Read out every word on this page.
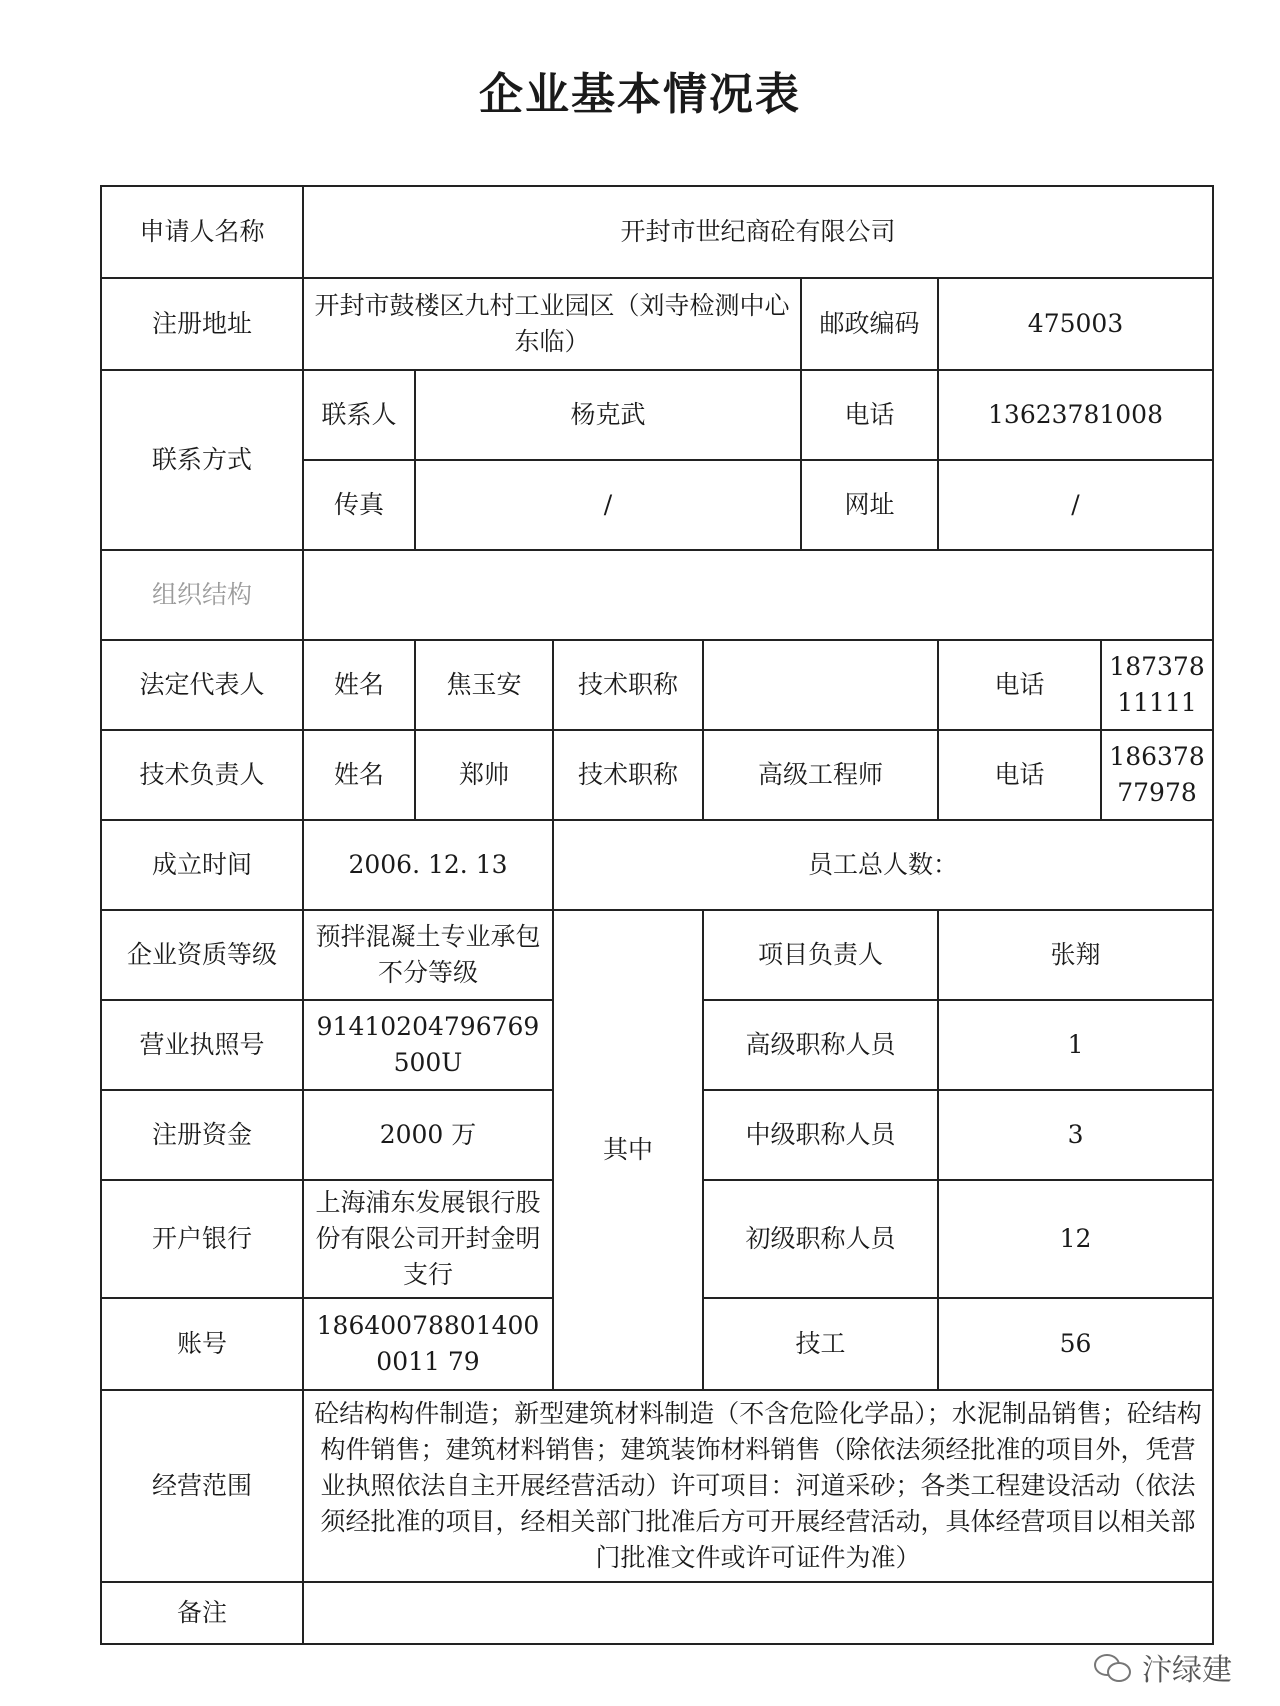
企业基本情况表
申请人名称	开封市世纪商砼有限公司						
注册地址	开封市鼓楼区九村工业园区（刘寺检测中心东临）				邮政编码	475003	
联系方式	联系人	杨克武			电话	13623781008	
	传真	/			网址	/	
组织结构							
法定代表人	姓名	焦玉安	技术职称			电话	18737811111
技术负责人	姓名	郑帅	技术职称	高级工程师		电话	18637877978
成立时间	2006. 12. 13		员工总人数：				
企业资质等级	预拌混凝土专业承包不分等级		其中	项目负责人		张翔	
营业执照号	91410204796769500U			高级职称人员		1	
注册资金	2000 万			中级职称人员		3	
开户银行	上海浦东发展银行股份有限公司开封金明支行			初级职称人员		12	
账号	186400788014000011 79			技工		56	
经营范围	砼结构构件制造；新型建筑材料制造（不含危险化学品）；水泥制品销售；砼结构构件销售；建筑材料销售；建筑装饰材料销售（除依法须经批准的项目外，凭营业执照依法自主开展经营活动）许可项目：河道采砂；各类工程建设活动（依法须经批准的项目，经相关部门批准后方可开展经营活动，具体经营项目以相关部门批准文件或许可证件为准）						
备注							
汴绿建
